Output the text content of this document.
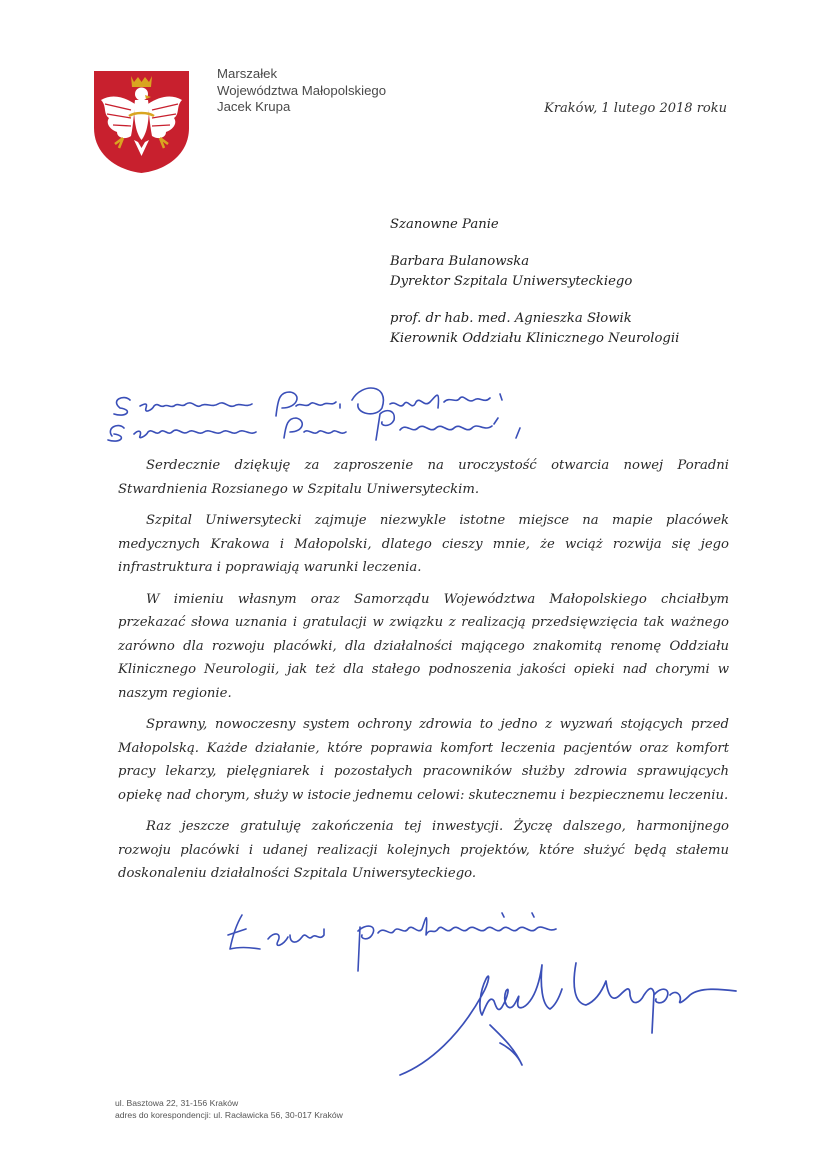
Marszałek
Województwa Małopolskiego
Jacek Krupa	Kraków, 1 lutego 2018 roku
Szanowne Panie
Barbara Bulanowska
Dyrektor Szpitala Uniwersyteckiego
prof. dr hab. med. Agnieszka Słowik
Kierownik Oddziału Klinicznego Neurologii

Serdecznie dziękuję za zaproszenie na uroczystość otwarcia nowej Poradni Stwardnienia Rozsianego w Szpitalu Uniwersyteckim.

Szpital Uniwersytecki zajmuje niezwykle istotne miejsce na mapie placówek medycznych Krakowa i Małopolski, dlatego cieszy mnie, że wciąż rozwija się jego infrastruktura i poprawiają warunki leczenia.

W imieniu własnym oraz Samorządu Województwa Małopolskiego chciałbym przekazać słowa uznania i gratulacji w związku z realizacją przedsięwzięcia tak ważnego zarówno dla rozwoju placówki, dla działalności mającego znakomitą renomę Oddziału Klinicznego Neurologii, jak też dla stałego podnoszenia jakości opieki nad chorymi w naszym regionie.

Sprawny, nowoczesny system ochrony zdrowia to jedno z wyzwań stojących przed Małopolską. Każde działanie, które poprawia komfort leczenia pacjentów oraz komfort pracy lekarzy, pielęgniarek i pozostałych pracowników służby zdrowia sprawujących opiekę nad chorym, służy w istocie jednemu celowi: skutecznemu i bezpiecznemu leczeniu.

Raz jeszcze gratuluję zakończenia tej inwestycji. Życzę dalszego, harmonijnego rozwoju placówki i udanej realizacji kolejnych projektów, które służyć będą stałemu doskonaleniu działalności Szpitala Uniwersyteckiego.

ul. Basztowa 22, 31-156 Kraków
adres do korespondencji: ul. Racławicka 56, 30-017 Kraków
